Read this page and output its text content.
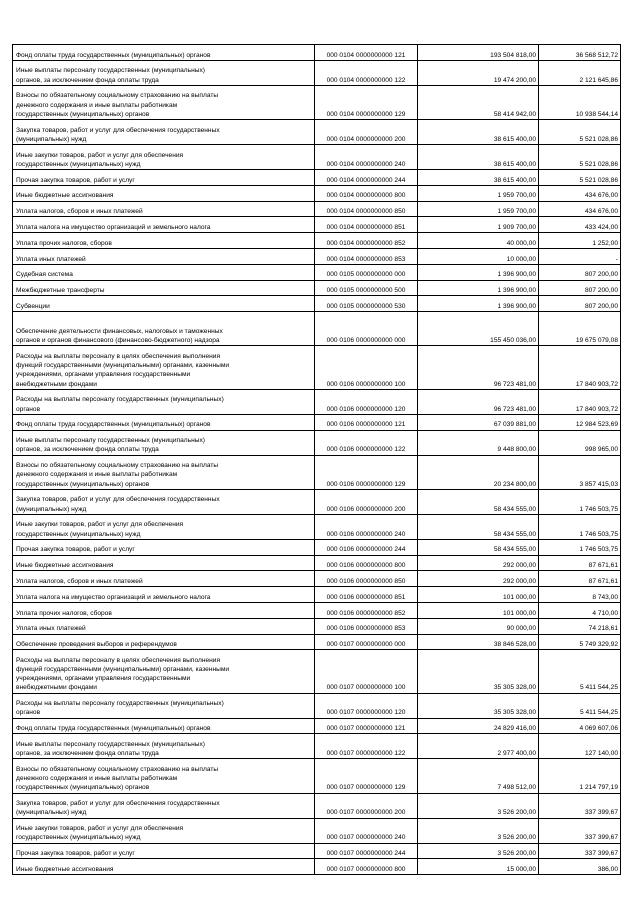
Фонд оплаты труда государственных (муниципальных) органов	000 0104 0000000000 121	193 504 818,00	36 568 512,72
Иные выплаты персоналу государственных (муниципальных)
органов, за исключением фонда оплаты труда	000 0104 0000000000 122	19 474 200,00	2 121 645,86
Взносы по обязательному социальному страхованию на выплаты
денежного содержания и иные выплаты работникам
государственных (муниципальных) органов	000 0104 0000000000 129	58 414 942,00	10 938 544,14
Закупка товаров, работ и услуг для обеспечения государственных
(муниципальных) нужд	000 0104 0000000000 200	38 615 400,00	5 521 028,86
Иные закупки товаров, работ и услуг для обеспечения
государственных (муниципальных) нужд	000 0104 0000000000 240	38 615 400,00	5 521 028,86
Прочая закупка товаров, работ и услуг	000 0104 0000000000 244	38 615 400,00	5 521 028,86
Иные бюджетные ассигнования	000 0104 0000000000 800	1 959 700,00	434 676,00
Уплата налогов, сборов и иных платежей	000 0104 0000000000 850	1 959 700,00	434 676,00
Уплата налога на имущество организаций и земельного налога	000 0104 0000000000 851	1 909 700,00	433 424,00
Уплата прочих налогов, сборов	000 0104 0000000000 852	40 000,00	1 252,00
Уплата иных платежей	000 0104 0000000000 853	10 000,00	-
Судебная система	000 0105 0000000000 000	1 396 900,00	807 200,00
Межбюджетные трансферты	000 0105 0000000000 500	1 396 900,00	807 200,00
Субвенции	000 0105 0000000000 530	1 396 900,00	807 200,00
Обеспечение деятельности финансовых, налоговых и таможенных
органов и органов финансового (финансово-бюджетного) надзора	000 0106 0000000000 000	155 450 036,00	19 675 079,08
Расходы на выплаты персоналу в целях обеспечения выполнения
функций государственными (муниципальными) органами, казенными
учреждениями, органами управления государственными
внебюджетными фондами	000 0106 0000000000 100	96 723 481,00	17 840 903,72
Расходы на выплаты персоналу государственных (муниципальных)
органов	000 0106 0000000000 120	96 723 481,00	17 840 903,72
Фонд оплаты труда государственных (муниципальных) органов	000 0106 0000000000 121	67 039 881,00	12 984 523,69
Иные выплаты персоналу государственных (муниципальных)
органов, за исключением фонда оплаты труда	000 0106 0000000000 122	9 448 800,00	998 965,00
Взносы по обязательному социальному страхованию на выплаты
денежного содержания и иные выплаты работникам
государственных (муниципальных) органов	000 0106 0000000000 129	20 234 800,00	3 857 415,03
Закупка товаров, работ и услуг для обеспечения государственных
(муниципальных) нужд	000 0106 0000000000 200	58 434 555,00	1 746 503,75
Иные закупки товаров, работ и услуг для обеспечения
государственных (муниципальных) нужд	000 0106 0000000000 240	58 434 555,00	1 746 503,75
Прочая закупка товаров, работ и услуг	000 0106 0000000000 244	58 434 555,00	1 746 503,75
Иные бюджетные ассигнования	000 0106 0000000000 800	292 000,00	87 671,61
Уплата налогов, сборов и иных платежей	000 0106 0000000000 850	292 000,00	87 671,61
Уплата налога на имущество организаций и земельного налога	000 0106 0000000000 851	101 000,00	8 743,00
Уплата прочих налогов, сборов	000 0106 0000000000 852	101 000,00	4 710,00
Уплата иных платежей	000 0106 0000000000 853	90 000,00	74 218,61
Обеспечение проведения выборов и референдумов	000 0107 0000000000 000	38 846 528,00	5 749 329,92
Расходы на выплаты персоналу в целях обеспечения выполнения
функций государственными (муниципальными) органами, казенными
учреждениями, органами управления государственными
внебюджетными фондами	000 0107 0000000000 100	35 305 328,00	5 411 544,25
Расходы на выплаты персоналу государственных (муниципальных)
органов	000 0107 0000000000 120	35 305 328,00	5 411 544,25
Фонд оплаты труда государственных (муниципальных) органов	000 0107 0000000000 121	24 829 416,00	4 069 607,06
Иные выплаты персоналу государственных (муниципальных)
органов, за исключением фонда оплаты труда	000 0107 0000000000 122	2 977 400,00	127 140,00
Взносы по обязательному социальному страхованию на выплаты
денежного содержания и иные выплаты работникам
государственных (муниципальных) органов	000 0107 0000000000 129	7 498 512,00	1 214 797,19
Закупка товаров, работ и услуг для обеспечения государственных
(муниципальных) нужд	000 0107 0000000000 200	3 526 200,00	337 399,67
Иные закупки товаров, работ и услуг для обеспечения
государственных (муниципальных) нужд	000 0107 0000000000 240	3 526 200,00	337 399,67
Прочая закупка товаров, работ и услуг	000 0107 0000000000 244	3 526 200,00	337 399,67
Иные бюджетные ассигнования	000 0107 0000000000 800	15 000,00	386,00
